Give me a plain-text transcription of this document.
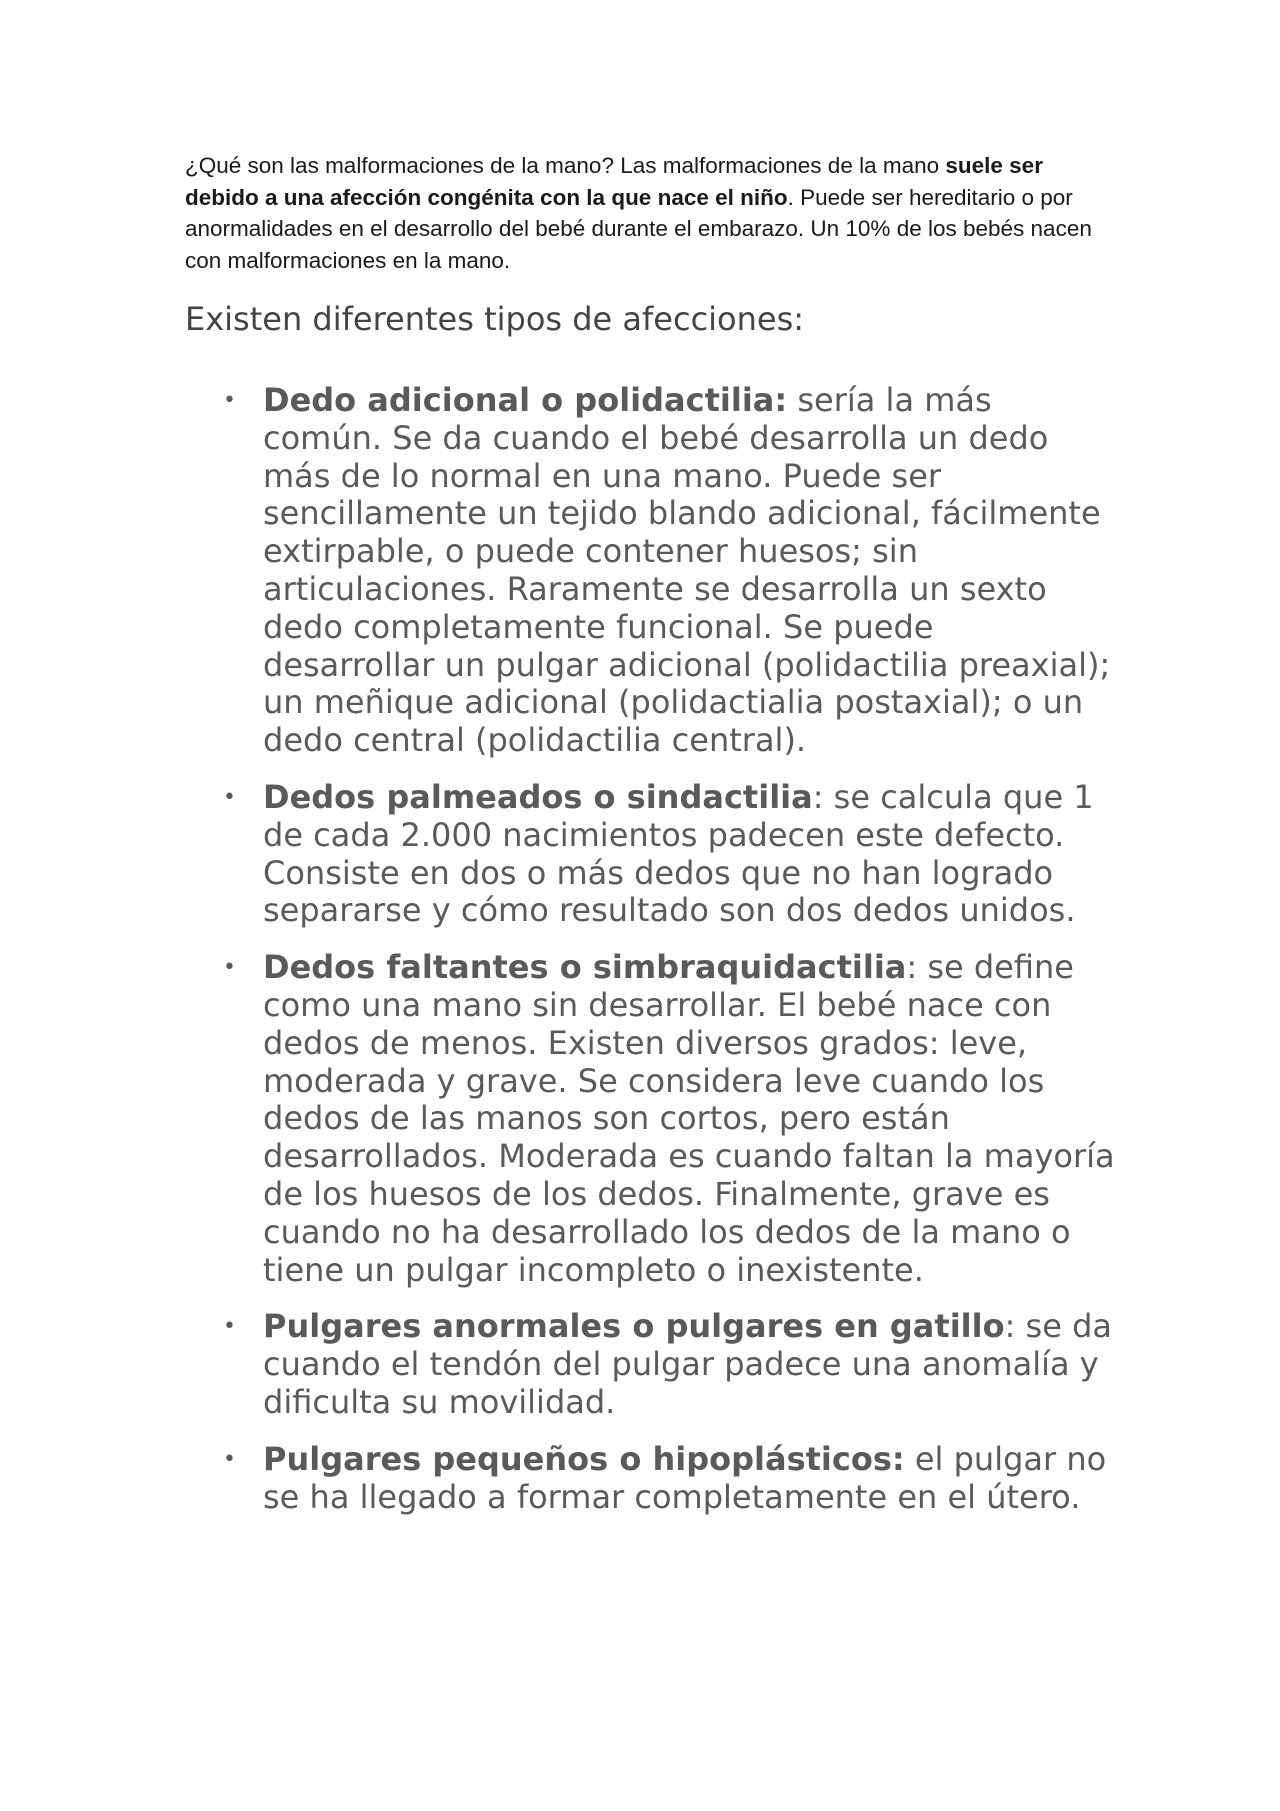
¿Qué son las malformaciones de la mano? Las malformaciones de la mano suele ser debido a una afección congénita con la que nace el niño. Puede ser hereditario o por anormalidades en el desarrollo del bebé durante el embarazo. Un 10% de los bebés nacen con malformaciones en la mano.

Existen diferentes tipos de afecciones:
• Dedo adicional o polidactilia: sería la más común. Se da cuando el bebé desarrolla un dedo más de lo normal en una mano. Puede ser sencillamente un tejido blando adicional, fácilmente extirpable, o puede contener huesos; sin articulaciones. Raramente se desarrolla un sexto dedo completamente funcional. Se puede desarrollar un pulgar adicional (polidactilia preaxial); un meñique adicional (polidactialia postaxial); o un dedo central (polidactilia central).
• Dedos palmeados o sindactilia: se calcula que 1 de cada 2.000 nacimientos padecen este defecto. Consiste en dos o más dedos que no han logrado separarse y cómo resultado son dos dedos unidos.
• Dedos faltantes o simbraquidactilia: se define como una mano sin desarrollar. El bebé nace con dedos de menos. Existen diversos grados: leve, moderada y grave. Se considera leve cuando los dedos de las manos son cortos, pero están desarrollados. Moderada es cuando faltan la mayoría de los huesos de los dedos. Finalmente, grave es cuando no ha desarrollado los dedos de la mano o tiene un pulgar incompleto o inexistente.
• Pulgares anormales o pulgares en gatillo: se da cuando el tendón del pulgar padece una anomalía y dificulta su movilidad.
• Pulgares pequeños o hipoplásticos: el pulgar no se ha llegado a formar completamente en el útero.
